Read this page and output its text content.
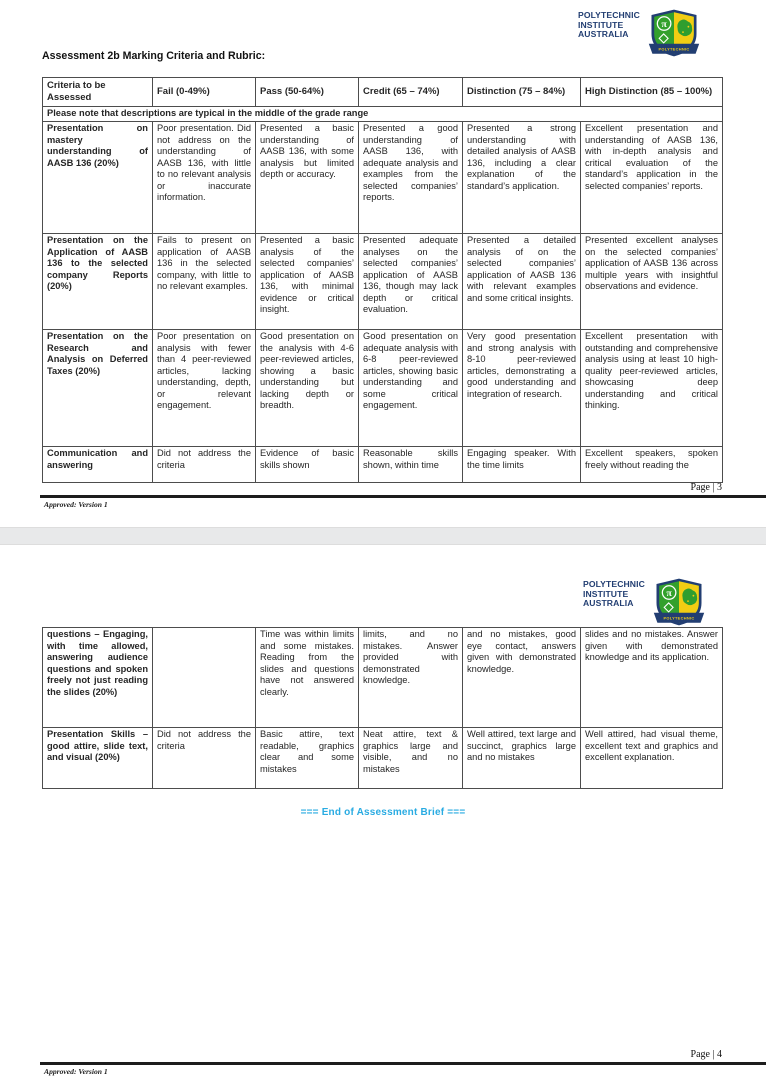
POLYTECHNIC
INSTITUTE
AUSTRALIA
π
POLYTECHNIC
Assessment 2b Marking Criteria and Rubric:
Criteria to be Assessed	Fail (0-49%)	Pass (50-64%)	Credit (65 – 74%)	Distinction (75 – 84%)	High Distinction (85 – 100%)
Please note that descriptions are typical in the middle of the grade range					
Presentation on mastery understanding of AASB 136 (20%)	Poor presentation. Did not address on the understanding of AASB 136, with little to no relevant analysis or inaccurate information.	Presented a basic understanding of AASB 136, with some analysis but limited depth or accuracy.	Presented a good understanding of AASB 136, with adequate analysis and examples from the selected companies’ reports.	Presented a strong understanding with detailed analysis of AASB 136, including a clear explanation of the standard’s application.	Excellent presentation and understanding of AASB 136, with in-depth analysis and critical evaluation of the standard’s application in the selected companies’ reports.
Presentation on the Application of AASB 136 to the selected company Reports (20%)	Fails to present on application of AASB 136 in the selected company, with little to no relevant examples.	Presented a basic analysis of the selected companies’ application of AASB 136, with minimal evidence or critical insight.	Presented adequate analyses on the selected companies’ application of AASB 136, though may lack depth or critical evaluation.	Presented a detailed analysis of on the selected companies’ application of AASB 136 with relevant examples and some critical insights.	Presented excellent analyses on the selected companies’ application of AASB 136 across multiple years with insightful observations and evidence.
Presentation on the Research and Analysis on Deferred Taxes (20%)	Poor presentation on analysis with fewer than 4 peer-reviewed articles, lacking understanding, depth, or relevant engagement.	Good presentation on the analysis with 4-6 peer-reviewed articles, showing a basic understanding but lacking depth or breadth.	Good presentation on adequate analysis with 6-8 peer-reviewed articles, showing basic understanding and some critical engagement.	Very good presentation and strong analysis with 8-10 peer-reviewed articles, demonstrating a good understanding and integration of research.	Excellent presentation with outstanding and comprehensive analysis using at least 10 high-quality peer-reviewed articles, showcasing deep understanding and critical thinking.
Communication and answering	Did not address the criteria	Evidence of basic skills shown	Reasonable skills shown, within time	Engaging speaker. With the time limits	Excellent speakers, spoken freely without reading the
Page | 3
Approved: Version 1
POLYTECHNIC
INSTITUTE
AUSTRALIA
π
POLYTECHNIC
questions – Engaging, with time allowed, answering audience questions and spoken freely not just reading the slides (20%)		Time was within limits and some mistakes. Reading from the slides and questions have not answered clearly.	limits, and no mistakes. Answer provided with demonstrated knowledge.	and no mistakes, good eye contact, answers given with demonstrated knowledge.	slides and no mistakes. Answer given with demonstrated knowledge and its application.
Presentation Skills – good attire, slide text, and visual (20%)	Did not address the criteria	Basic attire, text readable, graphics clear and some mistakes	Neat attire, text & graphics large and visible, and no mistakes	Well attired, text large and succinct, graphics large and no mistakes	Well attired, had visual theme, excellent text and graphics and excellent explanation.
=== End of Assessment Brief ===
Page | 4
Approved: Version 1
